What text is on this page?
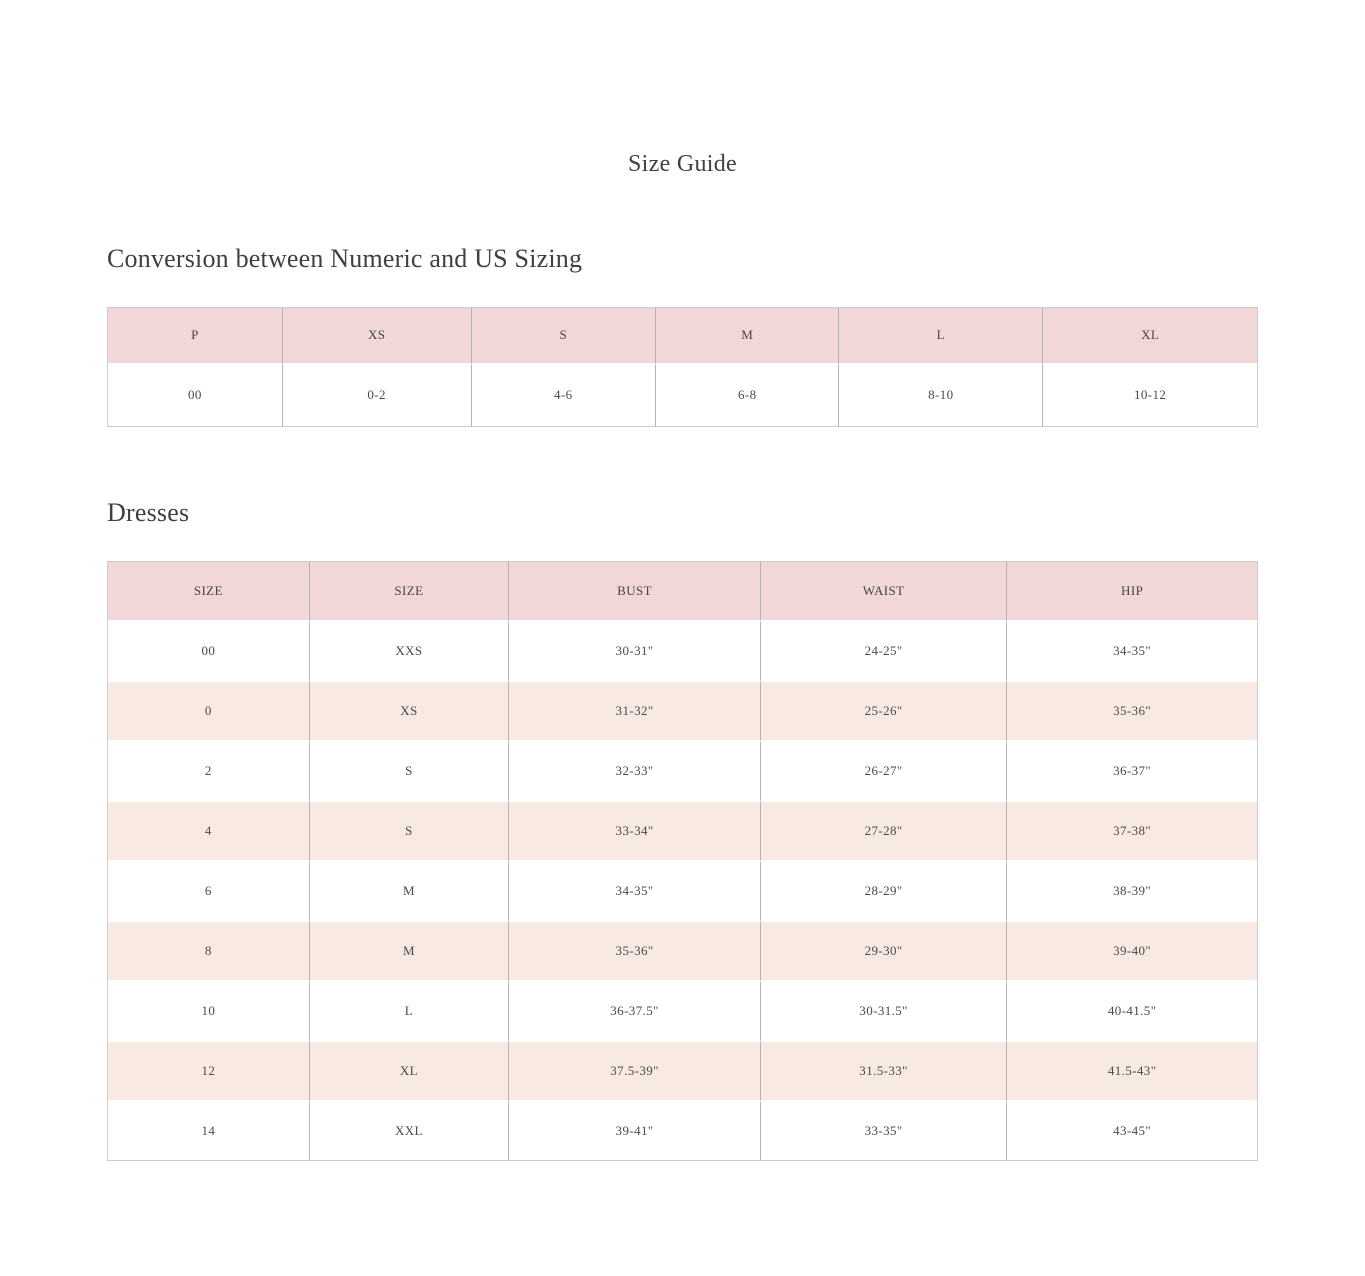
Size Guide
Conversion between Numeric and US Sizing
P	XS	S	M	L	XL
00	0-2	4-6	6-8	8-10	10-12
Dresses
SIZE	SIZE	BUST	WAIST	HIP
00	XXS	30-31"	24-25"	34-35"
0	XS	31-32"	25-26"	35-36"
2	S	32-33"	26-27"	36-37"
4	S	33-34"	27-28"	37-38"
6	M	34-35"	28-29"	38-39"
8	M	35-36"	29-30"	39-40"
10	L	36-37.5"	30-31.5"	40-41.5"
12	XL	37.5-39"	31.5-33"	41.5-43"
14	XXL	39-41"	33-35"	43-45"
